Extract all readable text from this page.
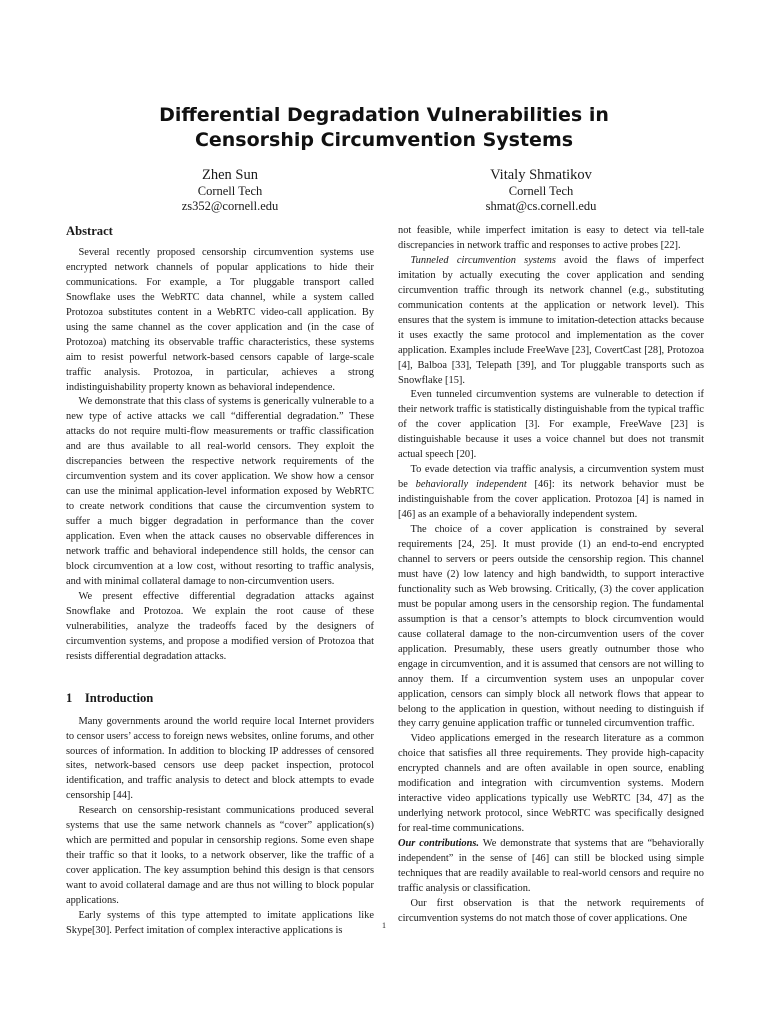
Differential Degradation Vulnerabilities in
Censorship Circumvention Systems
Zhen Sun
Cornell Tech
zs352@cornell.edu
Vitaly Shmatikov
Cornell Tech
shmat@cs.cornell.edu
Abstract

Several recently proposed censorship circumvention systems use encrypted network channels of popular applications to hide their communications. For example, a Tor pluggable transport called Snowflake uses the WebRTC data channel, while a system called Protozoa substitutes content in a WebRTC video-call application. By using the same channel as the cover application and (in the case of Protozoa) matching its observable traffic characteristics, these systems aim to resist powerful network-based censors capable of large-scale traffic analysis. Protozoa, in particular, achieves a strong indistinguishability property known as behavioral independence.

We demonstrate that this class of systems is generically vulnerable to a new type of active attacks we call “differential degradation.” These attacks do not require multi-flow measurements or traffic classification and are thus available to all real-world censors. They exploit the discrepancies between the respective network requirements of the circumvention system and its cover application. We show how a censor can use the minimal application-level information exposed by WebRTC to create network conditions that cause the circumvention system to suffer a much bigger degradation in performance than the cover application. Even when the attack causes no observable differences in network traffic and behavioral independence still holds, the censor can block circumvention at a low cost, without resorting to traffic analysis, and with minimal collateral damage to non-circumvention users.

We present effective differential degradation attacks against Snowflake and Protozoa. We explain the root cause of these vulnerabilities, analyze the tradeoffs faced by the designers of circumvention systems, and propose a modified version of Protozoa that resists differential degradation attacks.

1    Introduction

Many governments around the world require local Internet providers to censor users’ access to foreign news websites, online forums, and other sources of information. In addition to blocking IP addresses of censored sites, network-based censors use deep packet inspection, protocol identification, and traffic analysis to detect and block attempts to evade censorship [44].

Research on censorship-resistant communications produced several systems that use the same network channels as “cover” application(s) which are permitted and popular in censorship regions. Some even shape their traffic so that it looks, to a network observer, like the traffic of a cover application. The key assumption behind this design is that censors want to avoid collateral damage and are thus not willing to block popular applications.

Early systems of this type attempted to imitate applications like Skype[30]. Perfect imitation of complex interactive applications is

not feasible, while imperfect imitation is easy to detect via tell-tale discrepancies in network traffic and responses to active probes [22].

Tunneled circumvention systems avoid the flaws of imperfect imitation by actually executing the cover application and sending circumvention traffic through its network channel (e.g., substituting communication contents at the application or network level). This ensures that the system is immune to imitation-detection attacks because it uses exactly the same protocol and implementation as the cover application. Examples include FreeWave [23], CovertCast [28], Protozoa [4], Balboa [33], Telepath [39], and Tor pluggable transports such as Snowflake [15].

Even tunneled circumvention systems are vulnerable to detection if their network traffic is statistically distinguishable from the typical traffic of the cover application [3]. For example, FreeWave [23] is distinguishable because it uses a voice channel but does not transmit actual speech [20].

To evade detection via traffic analysis, a circumvention system must be behaviorally independent [46]: its network behavior must be indistinguishable from the cover application. Protozoa [4] is named in [46] as an example of a behaviorally independent system.

The choice of a cover application is constrained by several requirements [24, 25]. It must provide (1) an end-to-end encrypted channel to servers or peers outside the censorship region. This channel must have (2) low latency and high bandwidth, to support interactive functionality such as Web browsing. Critically, (3) the cover application must be popular among users in the censorship region. The fundamental assumption is that a censor’s attempts to block circumvention would cause collateral damage to the non-circumvention users of the cover application. Presumably, these users greatly outnumber those who engage in circumvention, and it is assumed that censors are not willing to annoy them. If a circumvention system uses an unpopular cover application, censors can simply block all network flows that appear to belong to the application in question, without needing to distinguish if they carry genuine application traffic or tunneled circumvention traffic.

Video applications emerged in the research literature as a common choice that satisfies all three requirements. They provide high-capacity encrypted channels and are often available in open source, enabling modification and integration with circumvention systems. Modern interactive video applications typically use WebRTC [34, 47] as the underlying network protocol, since WebRTC was specifically designed for real-time communications.

Our contributions. We demonstrate that systems that are “behaviorally independent” in the sense of [46] can still be blocked using simple techniques that are readily available to real-world censors and require no traffic analysis or classification.

Our first observation is that the network requirements of circumvention systems do not match those of cover applications. One

1
